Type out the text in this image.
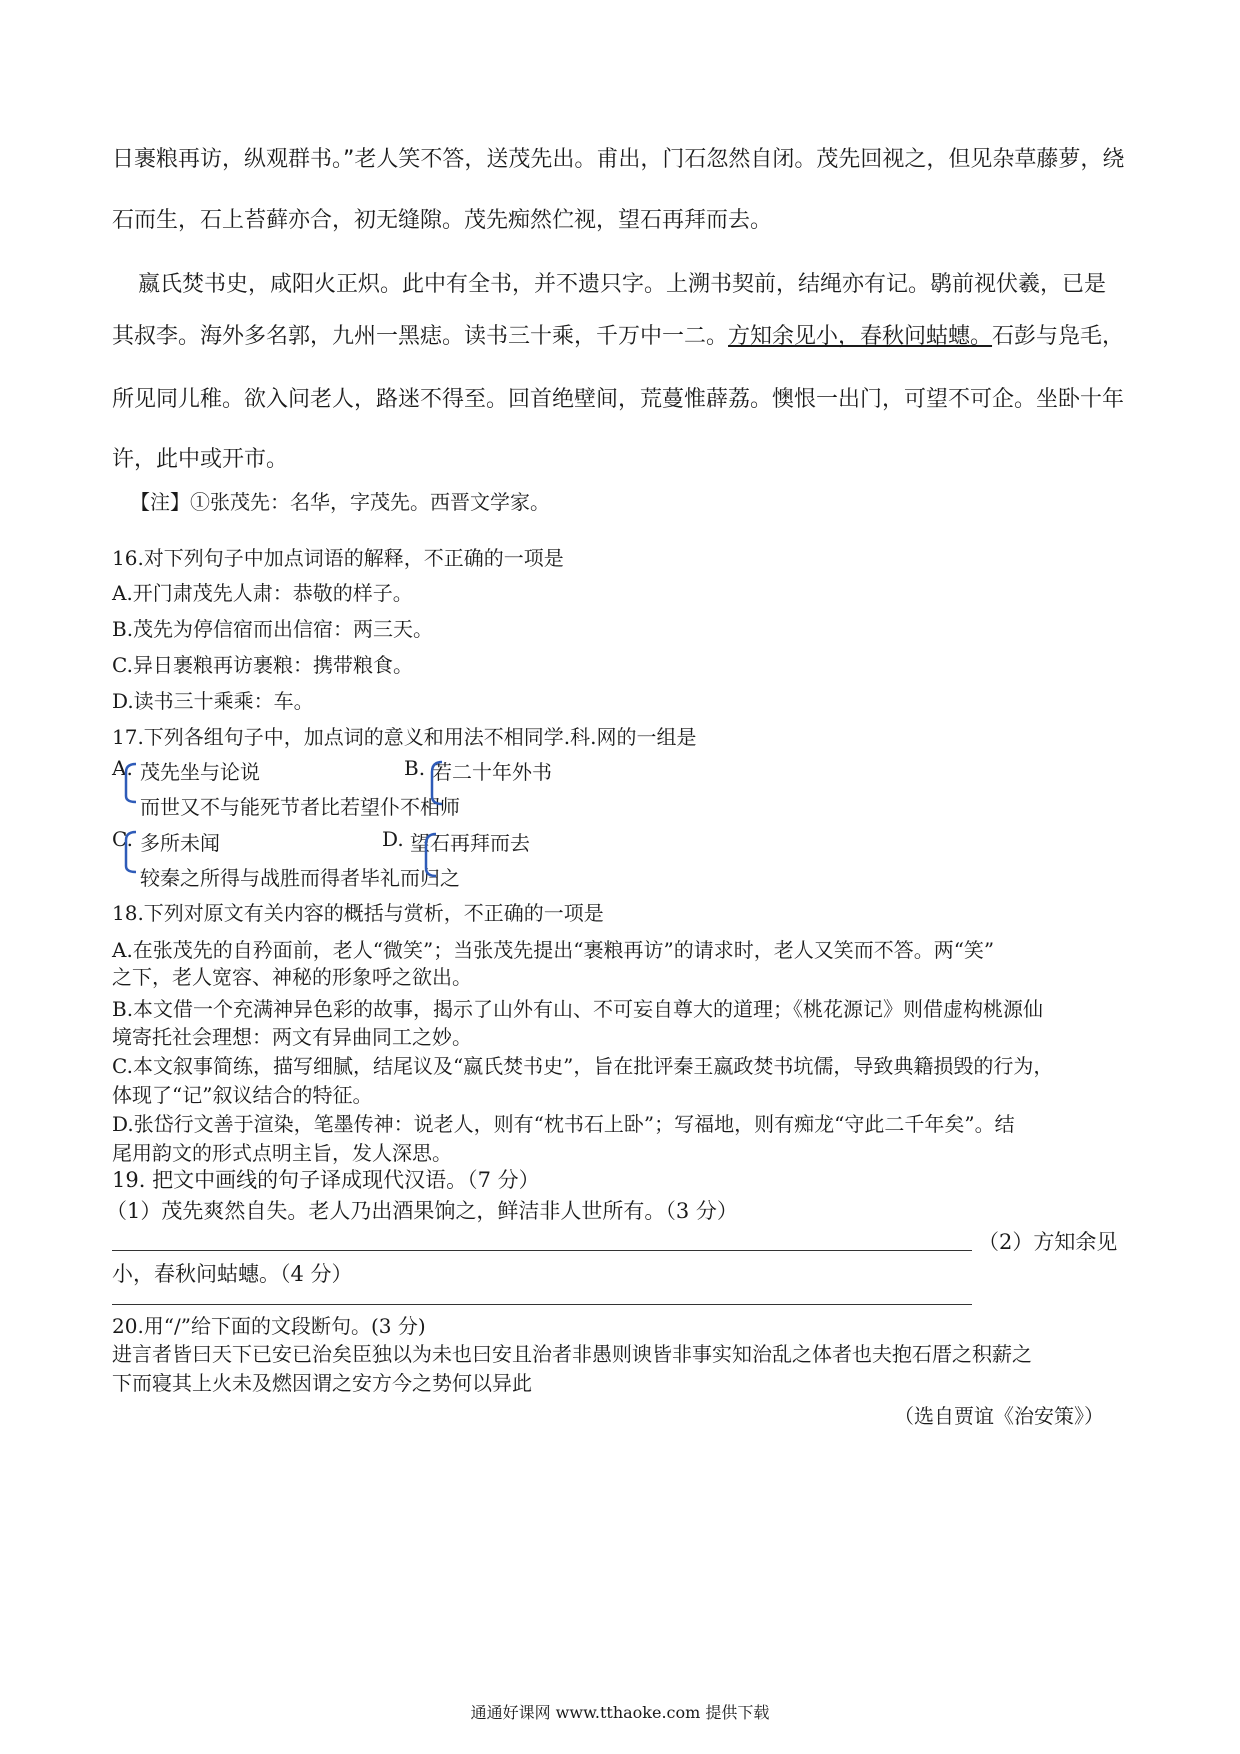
日裹粮再访，纵观群书。”老人笑不答，送茂先出。甫出，门石忽然自闭。茂先回视之，但见杂草藤萝，绕
石而生，石上苔藓亦合，初无缝隙。茂先痴然伫视，望石再拜而去。
嬴氏焚书史，咸阳火正炽。此中有全书，并不遗只字。上溯书契前，结绳亦有记。鹖前视伏羲，已是
其叔李。海外多名郭，九州一黑痣。读书三十乘，千万中一二。方知余见小，春秋问蛄蟪。石彭与凫毛，
所见同儿稚。欲入问老人，路迷不得至。回首绝壁间，荒蔓惟薜荔。懊恨一出门，可望不可企。坐卧十年
许，此中或开市。
【注】①张茂先：名华，字茂先。西晋文学家。
16.对下列句子中加点词语的解释，不正确的一项是
A.开门肃茂先人肃：恭敬的样子。
B.茂先为停信宿而出信宿：两三天。
C.异日裹粮再访裹粮：携带粮食。
D.读书三十乘乘：车。
17.下列各组句子中，加点词的意义和用法不相同学.科.网的一组是
A. 茂先坐与论说
而世又不与能死节者比若望仆不相师
B. 若二十年外书
C. 多所未闻
较秦之所得与战胜而得者毕礼而归之
D. 望石再拜而去
18.下列对原文有关内容的概括与赏析，不正确的一项是
A.在张茂先的自矜面前，老人“微笑”；当张茂先提出“裹粮再访”的请求时，老人又笑而不答。两“笑”
之下，老人宽容、神秘的形象呼之欲出。
B.本文借一个充满神异色彩的故事，揭示了山外有山、不可妄自尊大的道理；《桃花源记》则借虚构桃源仙
境寄托社会理想：两文有异曲同工之妙。
C.本文叙事简练，描写细腻，结尾议及“嬴氏焚书史”，旨在批评秦王嬴政焚书坑儒，导致典籍损毁的行为，
体现了“记”叙议结合的特征。
D.张岱行文善于渲染，笔墨传神：说老人，则有“枕书石上卧”；写福地，则有痴龙“守此二千年矣”。结
尾用韵文的形式点明主旨，发人深思。
19. 把文中画线的句子译成现代汉语。（7 分）
（1）茂先爽然自失。老人乃出酒果饷之，鲜洁非人世所有。（3 分）
（2）方知余见
小，春秋问蛄蟪。（4 分）
20.用“/”给下面的文段断句。(3 分)
进言者皆曰天下已安已治矣臣独以为未也曰安且治者非愚则谀皆非事实知治乱之体者也夫抱石厝之积薪之
下而寝其上火未及燃因谓之安方今之势何以异此
（选自贾谊《治安策》）
通通好课网 www.tthaoke.com 提供下载
